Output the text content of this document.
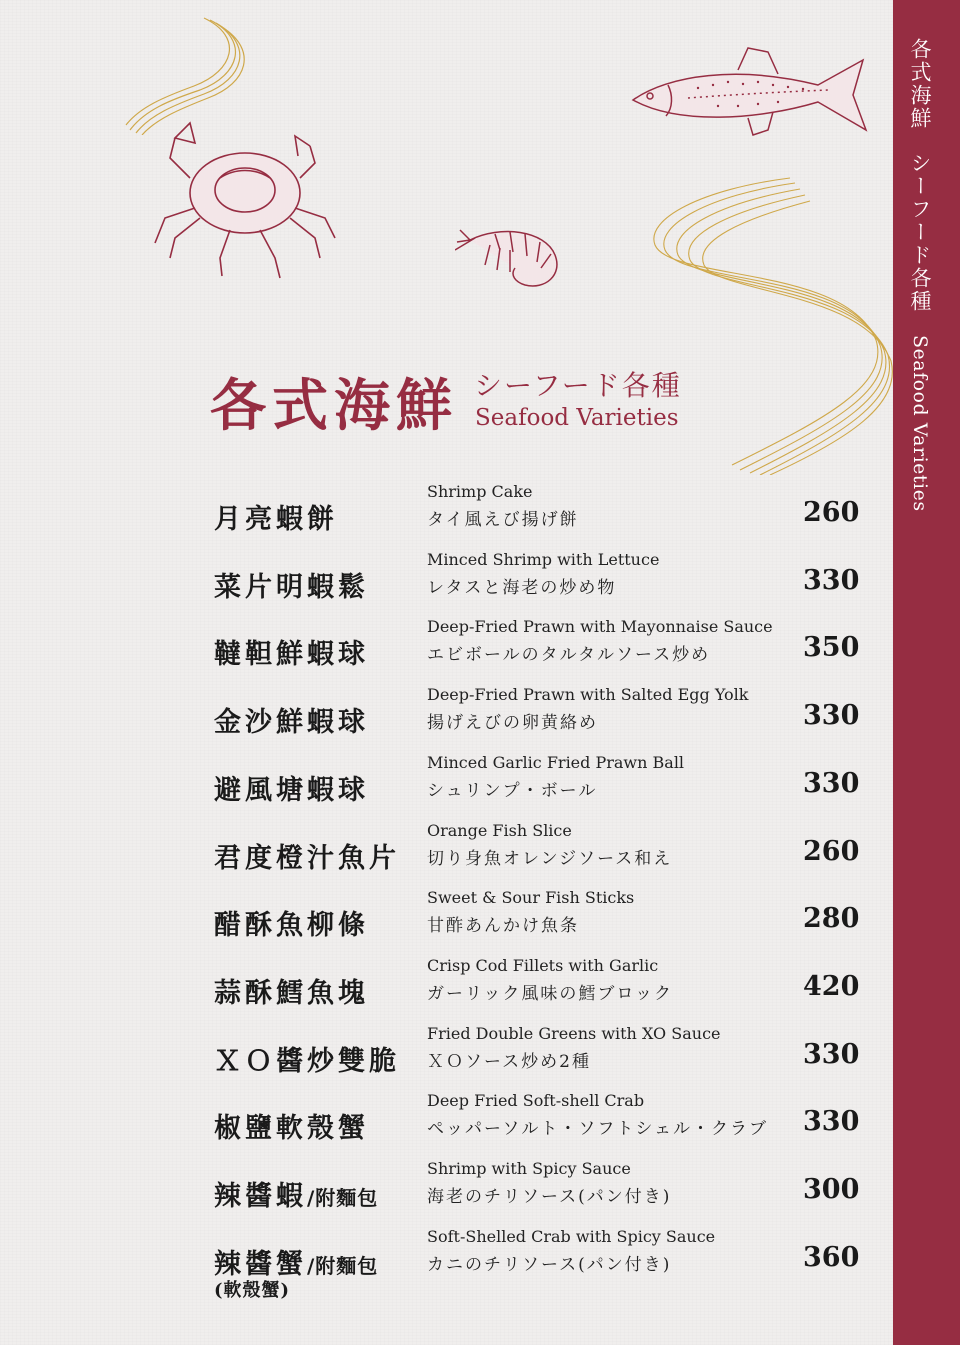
各式海鮮シーフード各種Seafood Varieties
各式海鮮 シーフード各種
Seafood Varieties
月亮蝦餅
Shrimp Cake
タイ風えび揚げ餅	260
菜片明蝦鬆
Minced Shrimp with Lettuce
レタスと海老の炒め物	330
韃靼鮮蝦球
Deep-Fried Prawn with Mayonnaise Sauce
エビボールのタルタルソース炒め	350
金沙鮮蝦球
Deep-Fried Prawn with Salted Egg Yolk
揚げえびの卵黄絡め	330
避風塘蝦球
Minced Garlic Fried Prawn Ball
シュリンプ・ボール	330
君度橙汁魚片
Orange Fish Slice
切り身魚オレンジソース和え	260
醋酥魚柳條
Sweet & Sour Fish Sticks
甘酢あんかけ魚条	280
蒜酥鱈魚塊
Crisp Cod Fillets with Garlic
ガーリック風味の鱈ブロック	420
ＸＯ醬炒雙脆
Fried Double Greens with XO Sauce
ＸＯソース炒め2種	330
椒鹽軟殼蟹
Deep Fried Soft-shell Crab
ペッパーソルト・ソフトシェル・クラブ 330
辣醬蝦/附麵包
Shrimp with Spicy Sauce
海老のチリソース(パン付き)	300
辣醬蟹/附麵包
(軟殼蟹)
Soft-Shelled Crab with Spicy Sauce
カニのチリソース(パン付き)	360
